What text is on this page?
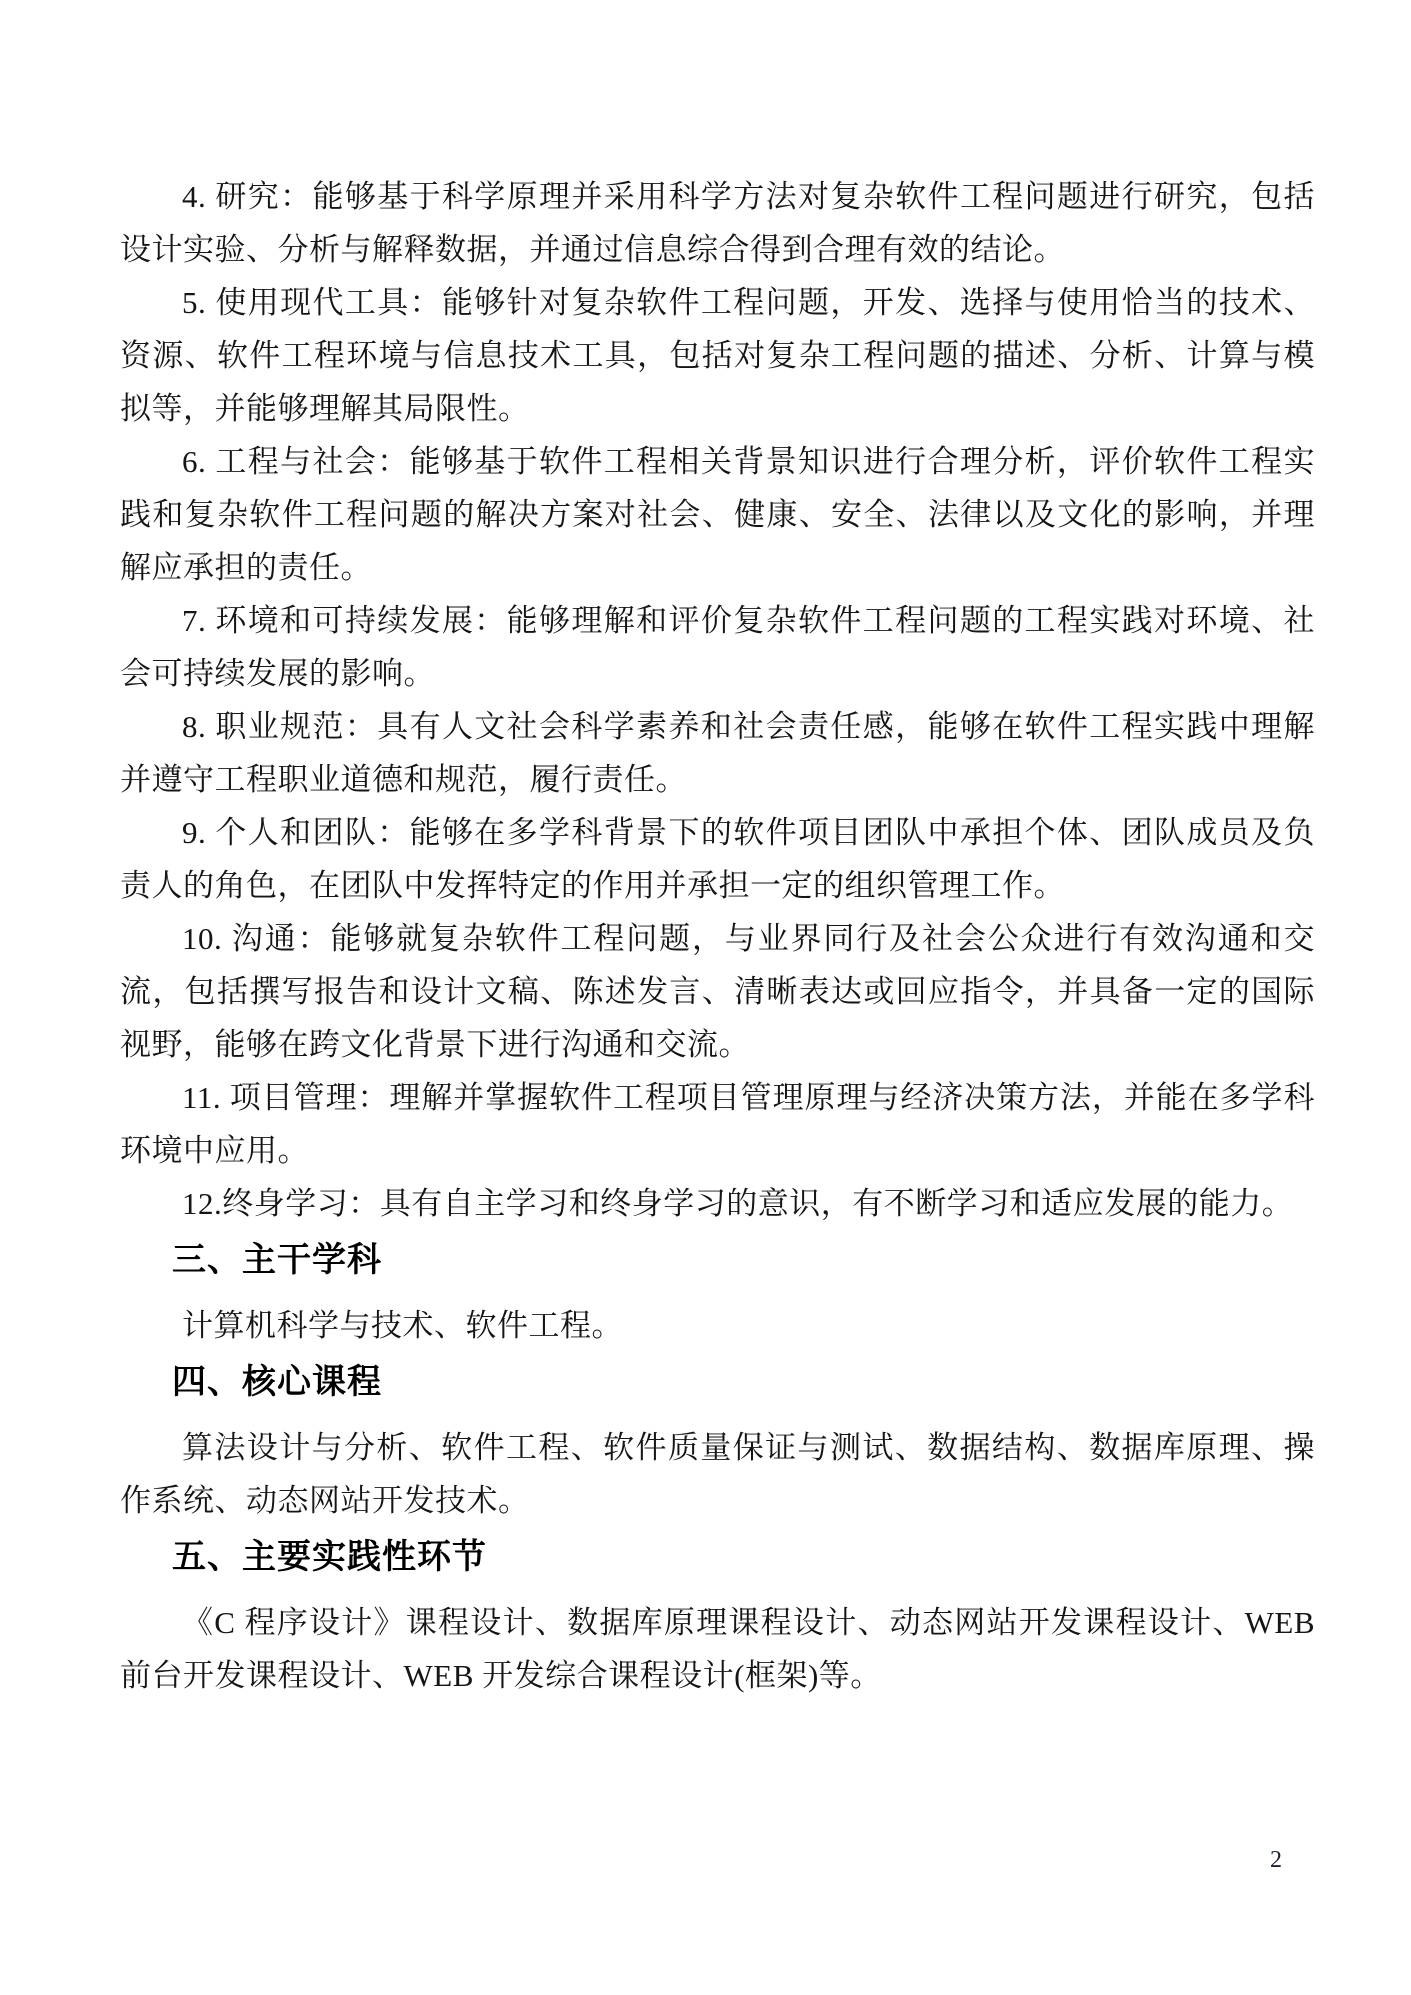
4. 研究：能够基于科学原理并采用科学方法对复杂软件工程问题进行研究，包括设计实验、分析与解释数据，并通过信息综合得到合理有效的结论。

5. 使用现代工具：能够针对复杂软件工程问题，开发、选择与使用恰当的技术、资源、软件工程环境与信息技术工具，包括对复杂工程问题的描述、分析、计算与模拟等，并能够理解其局限性。

6. 工程与社会：能够基于软件工程相关背景知识进行合理分析，评价软件工程实践和复杂软件工程问题的解决方案对社会、健康、安全、法律以及文化的影响，并理解应承担的责任。

7. 环境和可持续发展：能够理解和评价复杂软件工程问题的工程实践对环境、社会可持续发展的影响。

8. 职业规范：具有人文社会科学素养和社会责任感，能够在软件工程实践中理解并遵守工程职业道德和规范，履行责任。

9. 个人和团队：能够在多学科背景下的软件项目团队中承担个体、团队成员及负责人的角色，在团队中发挥特定的作用并承担一定的组织管理工作。

10. 沟通：能够就复杂软件工程问题，与业界同行及社会公众进行有效沟通和交流，包括撰写报告和设计文稿、陈述发言、清晰表达或回应指令，并具备一定的国际视野，能够在跨文化背景下进行沟通和交流。

11. 项目管理：理解并掌握软件工程项目管理原理与经济决策方法，并能在多学科环境中应用。

12.终身学习：具有自主学习和终身学习的意识，有不断学习和适应发展的能力。

三、主干学科

计算机科学与技术、软件工程。

四、核心课程

算法设计与分析、软件工程、软件质量保证与测试、数据结构、数据库原理、操作系统、动态网站开发技术。

五、主要实践性环节

《C 程序设计》课程设计、数据库原理课程设计、动态网站开发课程设计、WEB 前台开发课程设计、WEB 开发综合课程设计(框架)等。

2
